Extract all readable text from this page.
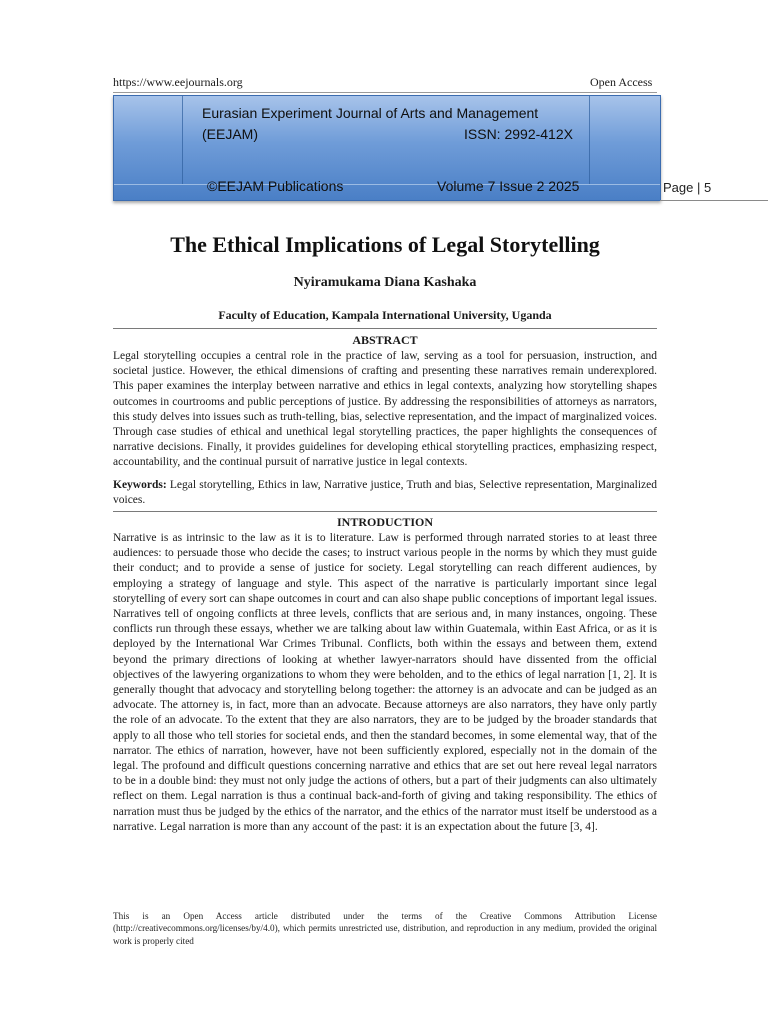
https://www.eejournals.org	Open Access
Eurasian Experiment Journal of Arts and Management
(EEJAM)	ISSN: 2992-412X
©EEJAM Publications	Volume 7 Issue 2 2025	Page | 5
The Ethical Implications of Legal Storytelling
Nyiramukama Diana Kashaka
Faculty of Education, Kampala International University, Uganda
ABSTRACT
Legal storytelling occupies a central role in the practice of law, serving as a tool for persuasion, instruction, and societal justice. However, the ethical dimensions of crafting and presenting these narratives remain underexplored. This paper examines the interplay between narrative and ethics in legal contexts, analyzing how storytelling shapes outcomes in courtrooms and public perceptions of justice. By addressing the responsibilities of attorneys as narrators, this study delves into issues such as truth-telling, bias, selective representation, and the impact of marginalized voices. Through case studies of ethical and unethical legal storytelling practices, the paper highlights the consequences of narrative decisions. Finally, it provides guidelines for developing ethical storytelling practices, emphasizing respect, accountability, and the continual pursuit of narrative justice in legal contexts.
Keywords: Legal storytelling, Ethics in law, Narrative justice, Truth and bias, Selective representation, Marginalized voices.
INTRODUCTION
Narrative is as intrinsic to the law as it is to literature. Law is performed through narrated stories to at least three audiences: to persuade those who decide the cases; to instruct various people in the norms by which they must guide their conduct; and to provide a sense of justice for society. Legal storytelling can reach different audiences, by employing a strategy of language and style. This aspect of the narrative is particularly important since legal storytelling of every sort can shape outcomes in court and can also shape public conceptions of important legal issues. Narratives tell of ongoing conflicts at three levels, conflicts that are serious and, in many instances, ongoing. These conflicts run through these essays, whether we are talking about law within Guatemala, within East Africa, or as it is deployed by the International War Crimes Tribunal. Conflicts, both within the essays and between them, extend beyond the primary directions of looking at whether lawyer-narrators should have dissented from the official objectives of the lawyering organizations to whom they were beholden, and to the ethics of legal narration [1, 2]. It is generally thought that advocacy and storytelling belong together: the attorney is an advocate and can be judged as an advocate. The attorney is, in fact, more than an advocate. Because attorneys are also narrators, they have only partly the role of an advocate. To the extent that they are also narrators, they are to be judged by the broader standards that apply to all those who tell stories for societal ends, and then the standard becomes, in some elemental way, that of the narrator. The ethics of narration, however, have not been sufficiently explored, especially not in the domain of the legal. The profound and difficult questions concerning narrative and ethics that are set out here reveal legal narrators to be in a double bind: they must not only judge the actions of others, but a part of their judgments can also ultimately reflect on them. Legal narration is thus a continual back-and-forth of giving and taking responsibility. The ethics of narration must thus be judged by the ethics of the narrator, and the ethics of the narrator must itself be understood as a narrative. Legal narration is more than any account of the past: it is an expectation about the future [3, 4].
This is an Open Access article distributed under the terms of the Creative Commons Attribution License (http://creativecommons.org/licenses/by/4.0), which permits unrestricted use, distribution, and reproduction in any medium, provided the original work is properly cited
